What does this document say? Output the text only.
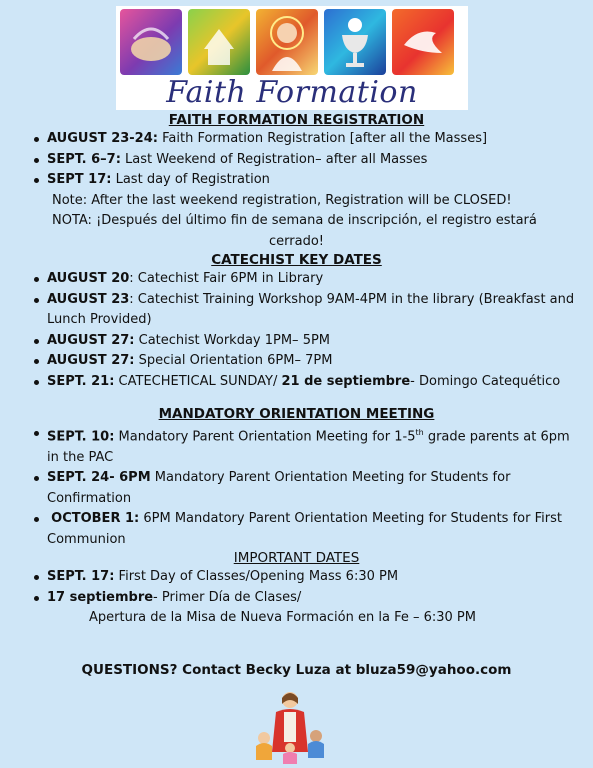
Faith Formation

FAITH FORMATION REGISTRATION

AUGUST 23-24: Faith Formation Registration [after all the Masses]
SEPT. 6–7: Last Weekend of Registration– after all Masses
SEPT 17: Last day of Registration
Note: After the last weekend registration, Registration will be CLOSED!
NOTA: ¡Después del último fin de semana de inscripción, el registro estará
cerrado!

CATECHIST KEY DATES

AUGUST 20: Catechist Fair 6PM in Library
AUGUST 23: Catechist Training Workshop 9AM-4PM in the library (Breakfast and Lunch Provided)
AUGUST 27: Catechist Workday 1PM– 5PM
AUGUST 27: Special Orientation 6PM– 7PM
SEPT. 21: CATECHETICAL SUNDAY/ 21 de septiembre- Domingo Catequético

MANDATORY ORIENTATION MEETING

SEPT. 10: Mandatory Parent Orientation Meeting for 1-5th grade parents at 6pm in the PAC
SEPT. 24- 6PM Mandatory Parent Orientation Meeting for Students for Confirmation
OCTOBER 1: 6PM Mandatory Parent Orientation Meeting for Students for First Communion

IMPORTANT DATES

SEPT. 17: First Day of Classes/Opening Mass 6:30 PM
17 septiembre- Primer Día de Clases/
Apertura de la Misa de Nueva Formación en la Fe – 6:30 PM
QUESTIONS? Contact Becky Luza at bluza59@yahoo.com
